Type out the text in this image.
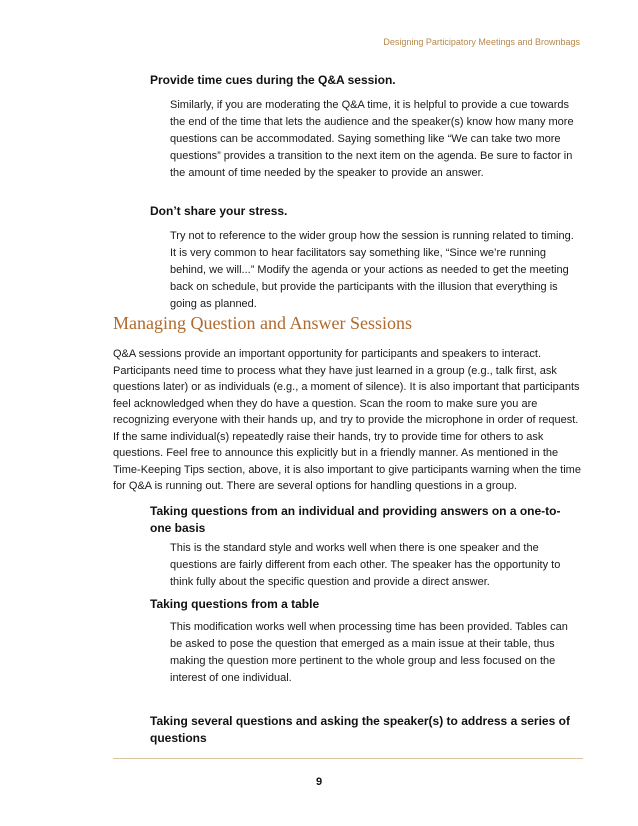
Designing Participatory Meetings and Brownbags
Provide time cues during the Q&A session.
Similarly, if you are moderating the Q&A time, it is helpful to provide a cue towards the end of the time that lets the audience and the speaker(s) know how many more questions can be accommodated. Saying something like “We can take two more questions” provides a transition to the next item on the agenda. Be sure to factor in the amount of time needed by the speaker to provide an answer.
Don’t share your stress.
Try not to reference to the wider group how the session is running related to timing. It is very common to hear facilitators say something like, “Since we’re running behind, we will...” Modify the agenda or your actions as needed to get the meeting back on schedule, but provide the participants with the illusion that everything is going as planned.
Managing Question and Answer Sessions
Q&A sessions provide an important opportunity for participants and speakers to interact. Participants need time to process what they have just learned in a group (e.g., talk first, ask questions later) or as individuals (e.g., a moment of silence). It is also important that participants feel acknowledged when they do have a question. Scan the room to make sure you are recognizing everyone with their hands up, and try to provide the microphone in order of request. If the same individual(s) repeatedly raise their hands, try to provide time for others to ask questions. Feel free to announce this explicitly but in a friendly manner. As mentioned in the Time-Keeping Tips section, above, it is also important to give participants warning when the time for Q&A is running out. There are several options for handling questions in a group.
Taking questions from an individual and providing answers on a one-to-one basis
This is the standard style and works well when there is one speaker and the questions are fairly different from each other. The speaker has the opportunity to think fully about the specific question and provide a direct answer.
Taking questions from a table
This modification works well when processing time has been provided. Tables can be asked to pose the question that emerged as a main issue at their table, thus making the question more pertinent to the whole group and less focused on the interest of one individual.
Taking several questions and asking the speaker(s) to address a series of questions
9
